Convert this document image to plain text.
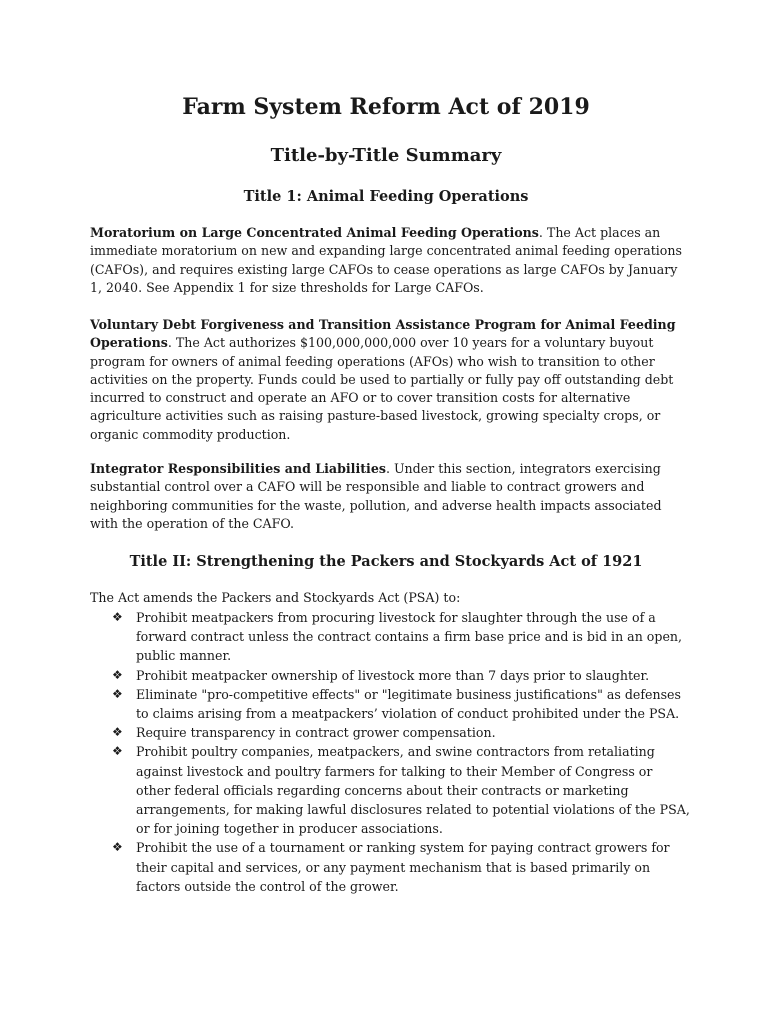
Farm System Reform Act of 2019
Title-by-Title Summary
Title 1: Animal Feeding Operations

Moratorium on Large Concentrated Animal Feeding Operations. The Act places an immediate moratorium on new and expanding large concentrated animal feeding operations (CAFOs), and requires existing large CAFOs to cease operations as large CAFOs by January 1, 2040. See Appendix 1 for size thresholds for Large CAFOs.

Voluntary Debt Forgiveness and Transition Assistance Program for Animal Feeding Operations. The Act authorizes $100,000,000,000 over 10 years for a voluntary buyout program for owners of animal feeding operations (AFOs) who wish to transition to other activities on the property. Funds could be used to partially or fully pay off outstanding debt incurred to construct and operate an AFO or to cover transition costs for alternative agriculture activities such as raising pasture-based livestock, growing specialty crops, or organic commodity production.

Integrator Responsibilities and Liabilities. Under this section, integrators exercising substantial control over a CAFO will be responsible and liable to contract growers and neighboring communities for the waste, pollution, and adverse health impacts associated with the operation of the CAFO.

Title II: Strengthening the Packers and Stockyards Act of 1921

The Act amends the Packers and Stockyards Act (PSA) to:

❖ Prohibit meatpackers from procuring livestock for slaughter through the use of a forward contract unless the contract contains a firm base price and is bid in an open, public manner.
❖ Prohibit meatpacker ownership of livestock more than 7 days prior to slaughter.
❖ Eliminate "pro-competitive effects" or "legitimate business justifications" as defenses to claims arising from a meatpackers’ violation of conduct prohibited under the PSA.
❖ Require transparency in contract grower compensation.
❖ Prohibit poultry companies, meatpackers, and swine contractors from retaliating against livestock and poultry farmers for talking to their Member of Congress or other federal officials regarding concerns about their contracts or marketing arrangements, for making lawful disclosures related to potential violations of the PSA, or for joining together in producer associations.
❖ Prohibit the use of a tournament or ranking system for paying contract growers for their capital and services, or any payment mechanism that is based primarily on factors outside the control of the grower.
